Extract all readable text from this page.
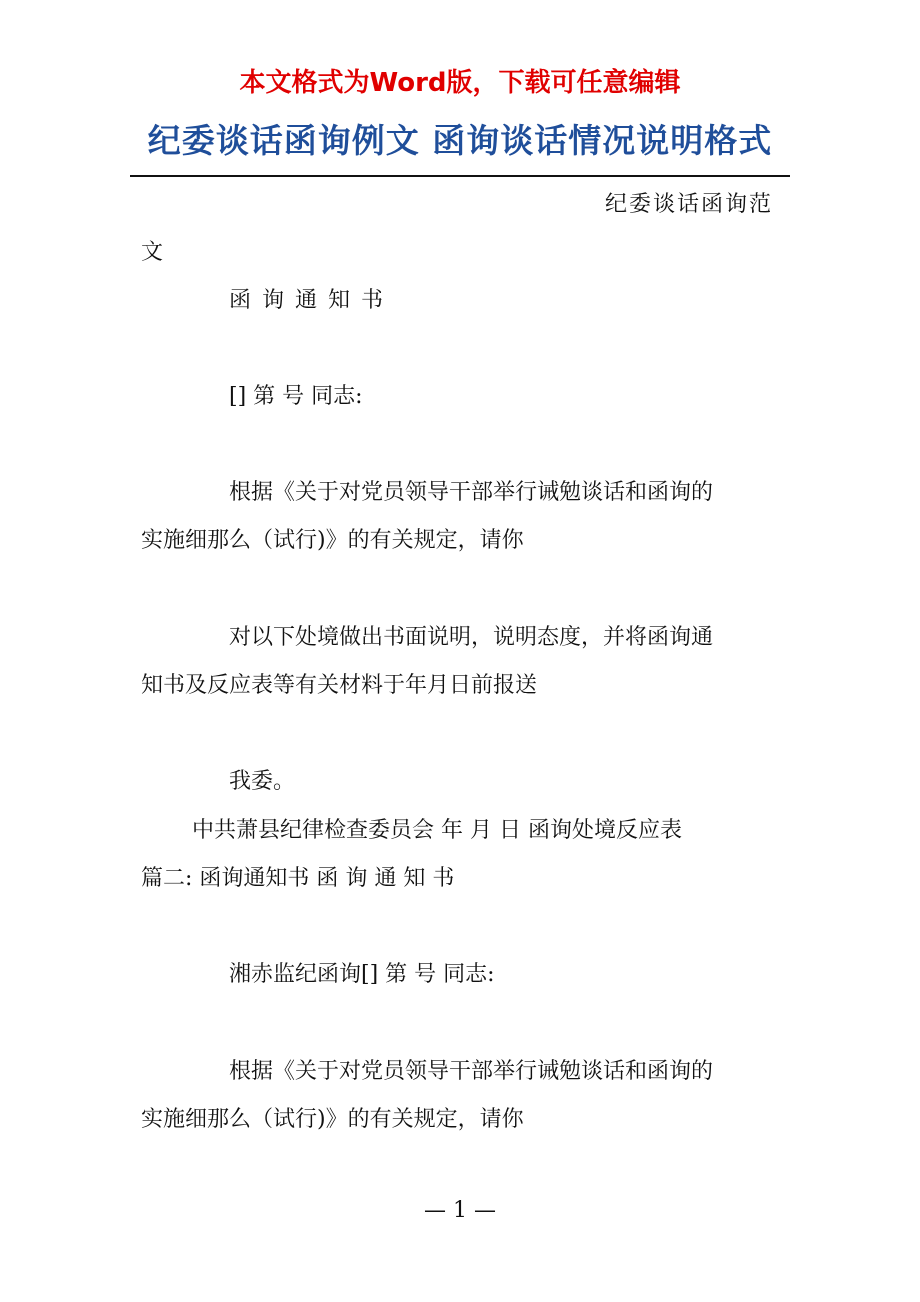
本文格式为Word版，下载可任意编辑
纪委谈话函询例文 函询谈话情况说明格式
纪委谈话函询范
文
函 询 通 知 书
[] 第 号 同志:
根据《关于对党员领导干部举行诫勉谈话和函询的
实施细那么（试行)》的有关规定，请你
对以下处境做出书面说明，说明态度，并将函询通
知书及反应表等有关材料于年月日前报送
我委。
中共萧县纪律检查委员会 年 月 日 函询处境反应表
篇二: 函询通知书 函 询 通 知 书
湘赤监纪函询[] 第 号 同志:
根据《关于对党员领导干部举行诫勉谈话和函询的
实施细那么（试行)》的有关规定，请你
— 1 —
